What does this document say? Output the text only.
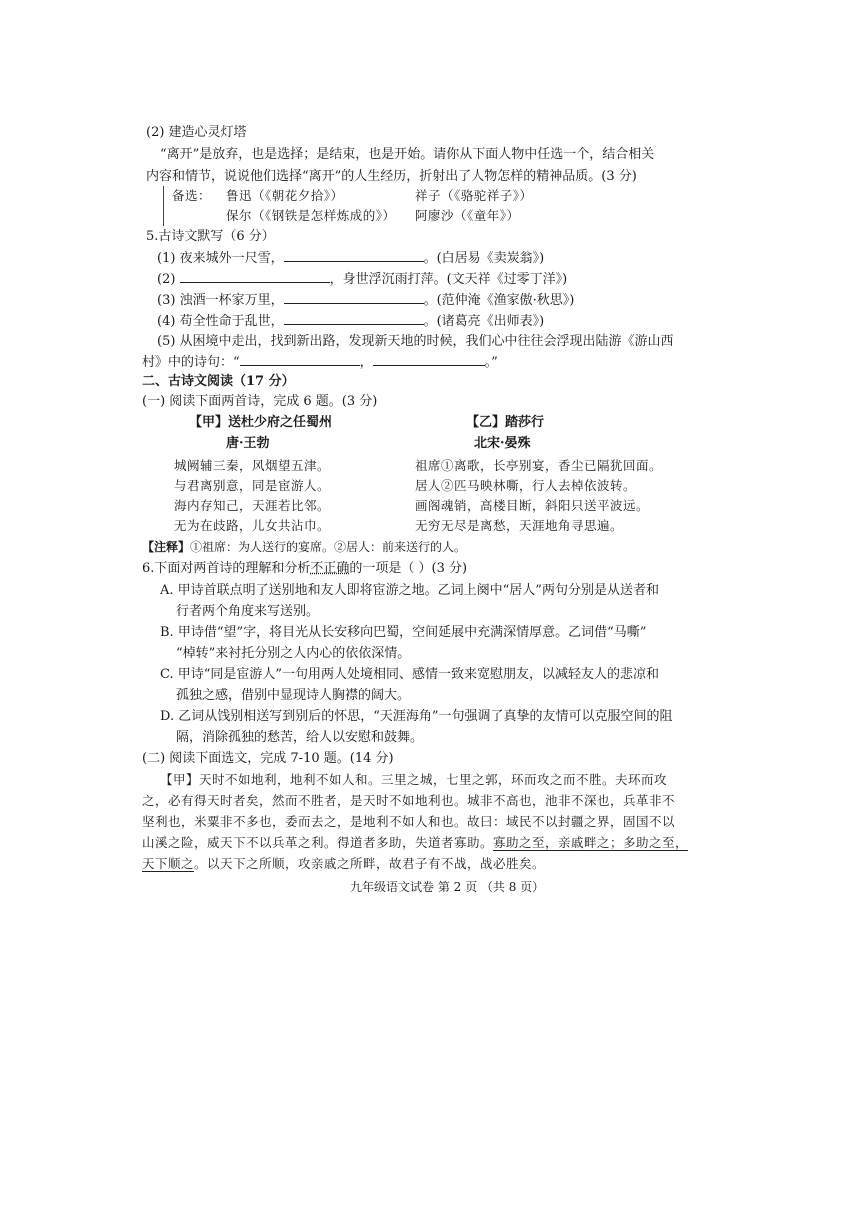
(2) 建造心灵灯塔
“离开”是放弃，也是选择；是结束，也是开始。请你从下面人物中任选一个，结合相关
内容和情节，说说他们选择“离开”的人生经历，折射出了人物怎样的精神品质。(3 分)
备选： 鲁迅（《朝花夕拾》）	祥子（《骆驼祥子》）
保尔（《钢铁是怎样炼成的》） 阿廖沙（《童年》）
5.古诗文默写（6 分）
(1) 夜来城外一尺雪，	。(白居易《卖炭翁》)
(2)	，身世浮沉雨打萍。(文天祥《过零丁洋》)
(3) 浊酒一杯家万里，	。(范仲淹《渔家傲·秋思》)
(4) 苟全性命于乱世，	。(诸葛亮《出师表》)
(5) 从困境中走出，找到新出路，发现新天地的时候，我们心中往往会浮现出陆游《游山西
村》中的诗句：“	，	。”
二、古诗文阅读（17 分）
(一) 阅读下面两首诗，完成 6 题。(3 分)
【甲】送杜少府之任蜀州
唐·王勃
城阙辅三秦，风烟望五津。
与君离别意，同是宦游人。
海内存知己，天涯若比邻。
无为在歧路，儿女共沾巾。
【乙】踏莎行
北宋·晏殊
祖席①离歌，长亭别宴，香尘已隔犹回面。
居人②匹马映林嘶，行人去棹依波转。
画阁魂销，高楼目断，斜阳只送平波远。
无穷无尽是离愁，天涯地角寻思遍。
【注释】①祖席：为人送行的宴席。②居人：前来送行的人。
6.下面对两首诗的理解和分析不正确的一项是（ ）(3 分)
A. 甲诗首联点明了送别地和友人即将宦游之地。乙词上阕中“居人”两句分别是从送者和
行者两个角度来写送别。
B. 甲诗借“望”字，将目光从长安移向巴蜀，空间延展中充满深情厚意。乙词借“马嘶”
“棹转”来衬托分别之人内心的依依深情。
C. 甲诗“同是宦游人”一句用两人处境相同、感情一致来宽慰朋友，以减轻友人的悲凉和
孤独之感，借别中显现诗人胸襟的阔大。
D. 乙词从饯别相送写到别后的怀思，“天涯海角”一句强调了真挚的友情可以克服空间的阻
隔，消除孤独的愁苦，给人以安慰和鼓舞。
(二) 阅读下面选文，完成 7-10 题。(14 分)
【甲】天时不如地利，地利不如人和。三里之城，七里之郭，环而攻之而不胜。夫环而攻
之，必有得天时者矣，然而不胜者，是天时不如地利也。城非不高也，池非不深也，兵革非不
坚利也，米粟非不多也，委而去之，是地利不如人和也。故曰：域民不以封疆之界，固国不以
山溪之险，威天下不以兵革之利。得道者多助，失道者寡助。寡助之至，亲戚畔之；多助之至，
天下顺之。以天下之所顺，攻亲戚之所畔，故君子有不战，战必胜矣。
九年级语文试卷 第 2 页 （共 8 页）
